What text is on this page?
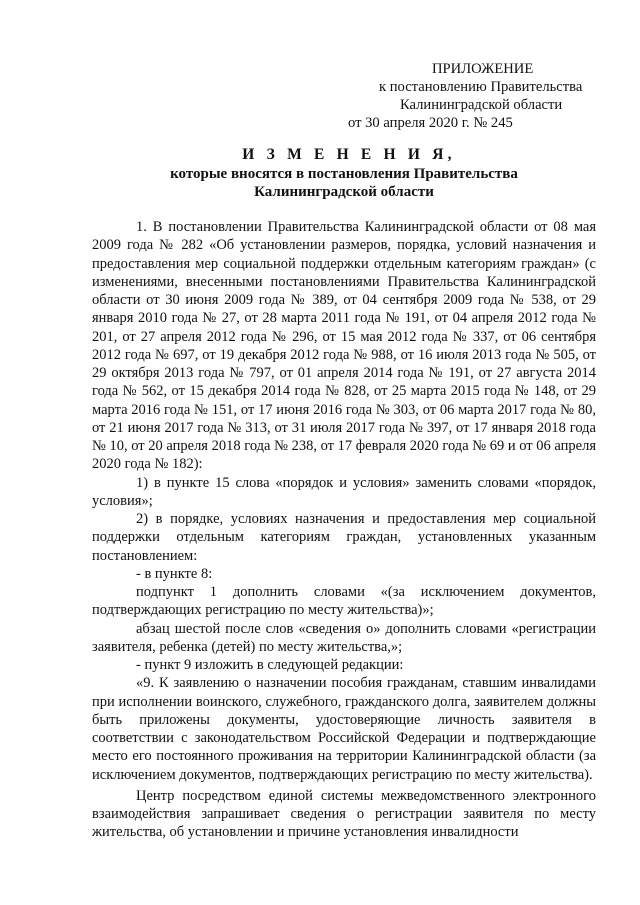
ПРИЛОЖЕНИЕ
к постановлению Правительства
Калининградской области
от 30 апреля 2020 г. № 245
И З М Е Н Е Н И Я,
которые вносятся в постановления Правительства
Калининградской области

1. В постановлении Правительства Калининградской области от 08 мая 2009 года № 282 «Об установлении размеров, порядка, условий назначения и предоставления мер социальной поддержки отдельным категориям граждан» (с изменениями, внесенными постановлениями Правительства Калининградской области от 30 июня 2009 года № 389, от 04 сентября 2009 года № 538, от 29 января 2010 года № 27, от 28 марта 2011 года № 191, от 04 апреля 2012 года № 201, от 27 апреля 2012 года № 296, от 15 мая 2012 года № 337, от 06 сентября 2012 года № 697, от 19 декабря 2012 года № 988, от 16 июля 2013 года № 505, от 29 октября 2013 года № 797, от 01 апреля 2014 года № 191, от 27 августа 2014 года № 562, от 15 декабря 2014 года № 828, от 25 марта 2015 года № 148, от 29 марта 2016 года № 151, от 17 июня 2016 года № 303, от 06 марта 2017 года № 80, от 21 июня 2017 года № 313, от 31 июля 2017 года № 397, от 17 января 2018 года № 10, от 20 апреля 2018 года № 238, от 17 февраля 2020 года № 69 и от 06 апреля 2020 года № 182):

1) в пункте 15 слова «порядок и условия» заменить словами «порядок, условия»;

2) в порядке, условиях назначения и предоставления мер социальной поддержки отдельным категориям граждан, установленных указанным постановлением:

- в пункте 8:

подпункт 1 дополнить словами «(за исключением документов, подтверждающих регистрацию по месту жительства)»;

абзац шестой после слов «сведения о» дополнить словами «регистрации заявителя, ребенка (детей) по месту жительства,»;

- пункт 9 изложить в следующей редакции:

«9. К заявлению о назначении пособия гражданам, ставшим инвалидами при исполнении воинского, служебного, гражданского долга, заявителем должны быть приложены документы, удостоверяющие личность заявителя в соответствии с законодательством Российской Федерации и подтверждающие место его постоянного проживания на территории Калининградской области (за исключением документов, подтверждающих регистрацию по месту жительства).

Центр посредством единой системы межведомственного электронного взаимодействия запрашивает сведения о регистрации заявителя по месту жительства, об установлении и причине установления инвалидности
